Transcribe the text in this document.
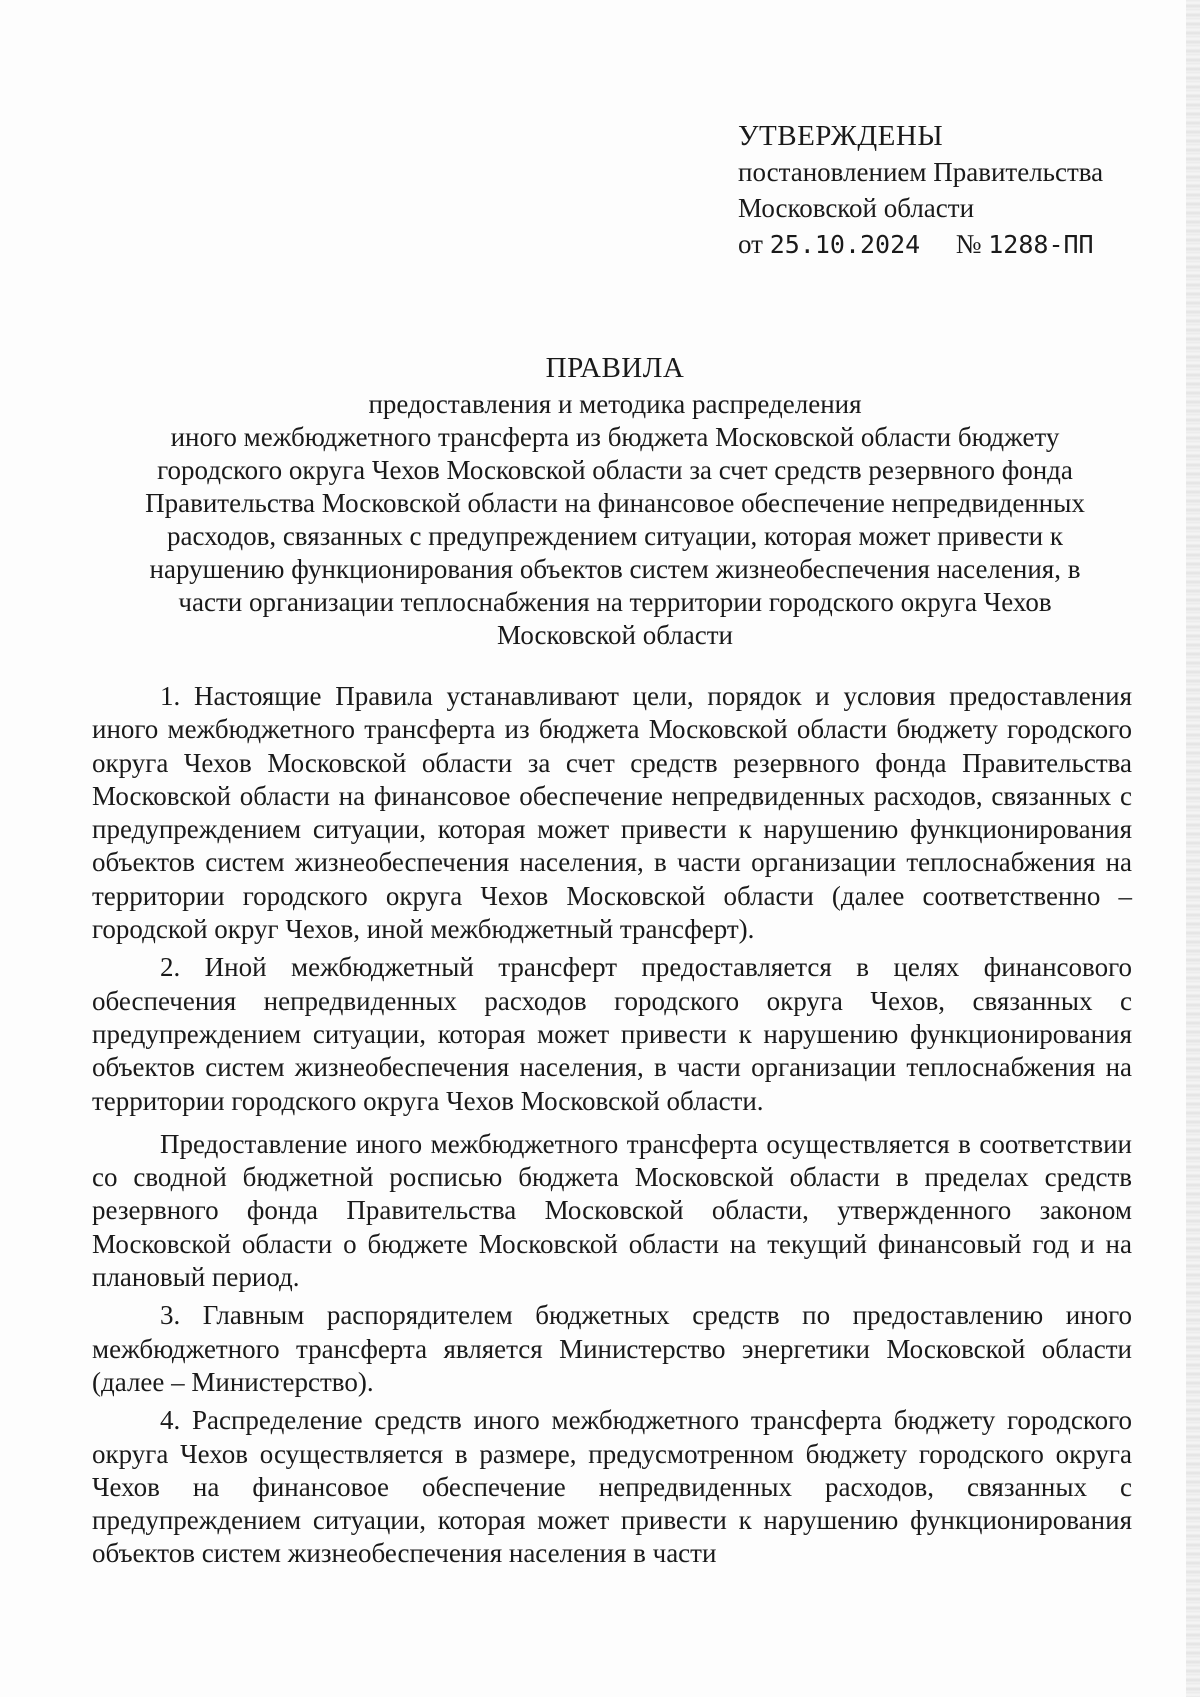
УТВЕРЖДЕНЫ
постановлением Правительства
Московской области
от 25.10.2024 № 1288-ПП
ПРАВИЛА
предоставления и методика распределения
иного межбюджетного трансферта из бюджета Московской области бюджету
городского округа Чехов Московской области за счет средств резервного фонда
Правительства Московской области на финансовое обеспечение непредвиденных
расходов, связанных с предупреждением ситуации, которая может привести к
нарушению функционирования объектов систем жизнеобеспечения населения, в
части организации теплоснабжения на территории городского округа Чехов
Московской области

1. Настоящие Правила устанавливают цели, порядок и условия предоставления иного межбюджетного трансферта из бюджета Московской области бюджету городского округа Чехов Московской области за счет средств резервного фонда Правительства Московской области на финансовое обеспечение непредвиденных расходов, связанных с предупреждением ситуации, которая может привести к нарушению функционирования объектов систем жизнеобеспечения населения, в части организации теплоснабжения на территории городского округа Чехов Московской области (далее соответственно – городской округ Чехов, иной межбюджетный трансферт).

2. Иной межбюджетный трансферт предоставляется в целях финансового обеспечения непредвиденных расходов городского округа Чехов, связанных с предупреждением ситуации, которая может привести к нарушению функционирования объектов систем жизнеобеспечения населения, в части организации теплоснабжения на территории городского округа Чехов Московской области.

Предоставление иного межбюджетного трансферта осуществляется в соответствии со сводной бюджетной росписью бюджета Московской области в пределах средств резервного фонда Правительства Московской области, утвержденного законом Московской области о бюджете Московской области на текущий финансовый год и на плановый период.

3. Главным распорядителем бюджетных средств по предоставлению иного межбюджетного трансферта является Министерство энергетики Московской области (далее – Министерство).

4. Распределение средств иного межбюджетного трансферта бюджету городского округа Чехов осуществляется в размере, предусмотренном бюджету городского округа Чехов на финансовое обеспечение непредвиденных расходов, связанных с предупреждением ситуации, которая может привести к нарушению функционирования объектов систем жизнеобеспечения населения в части
